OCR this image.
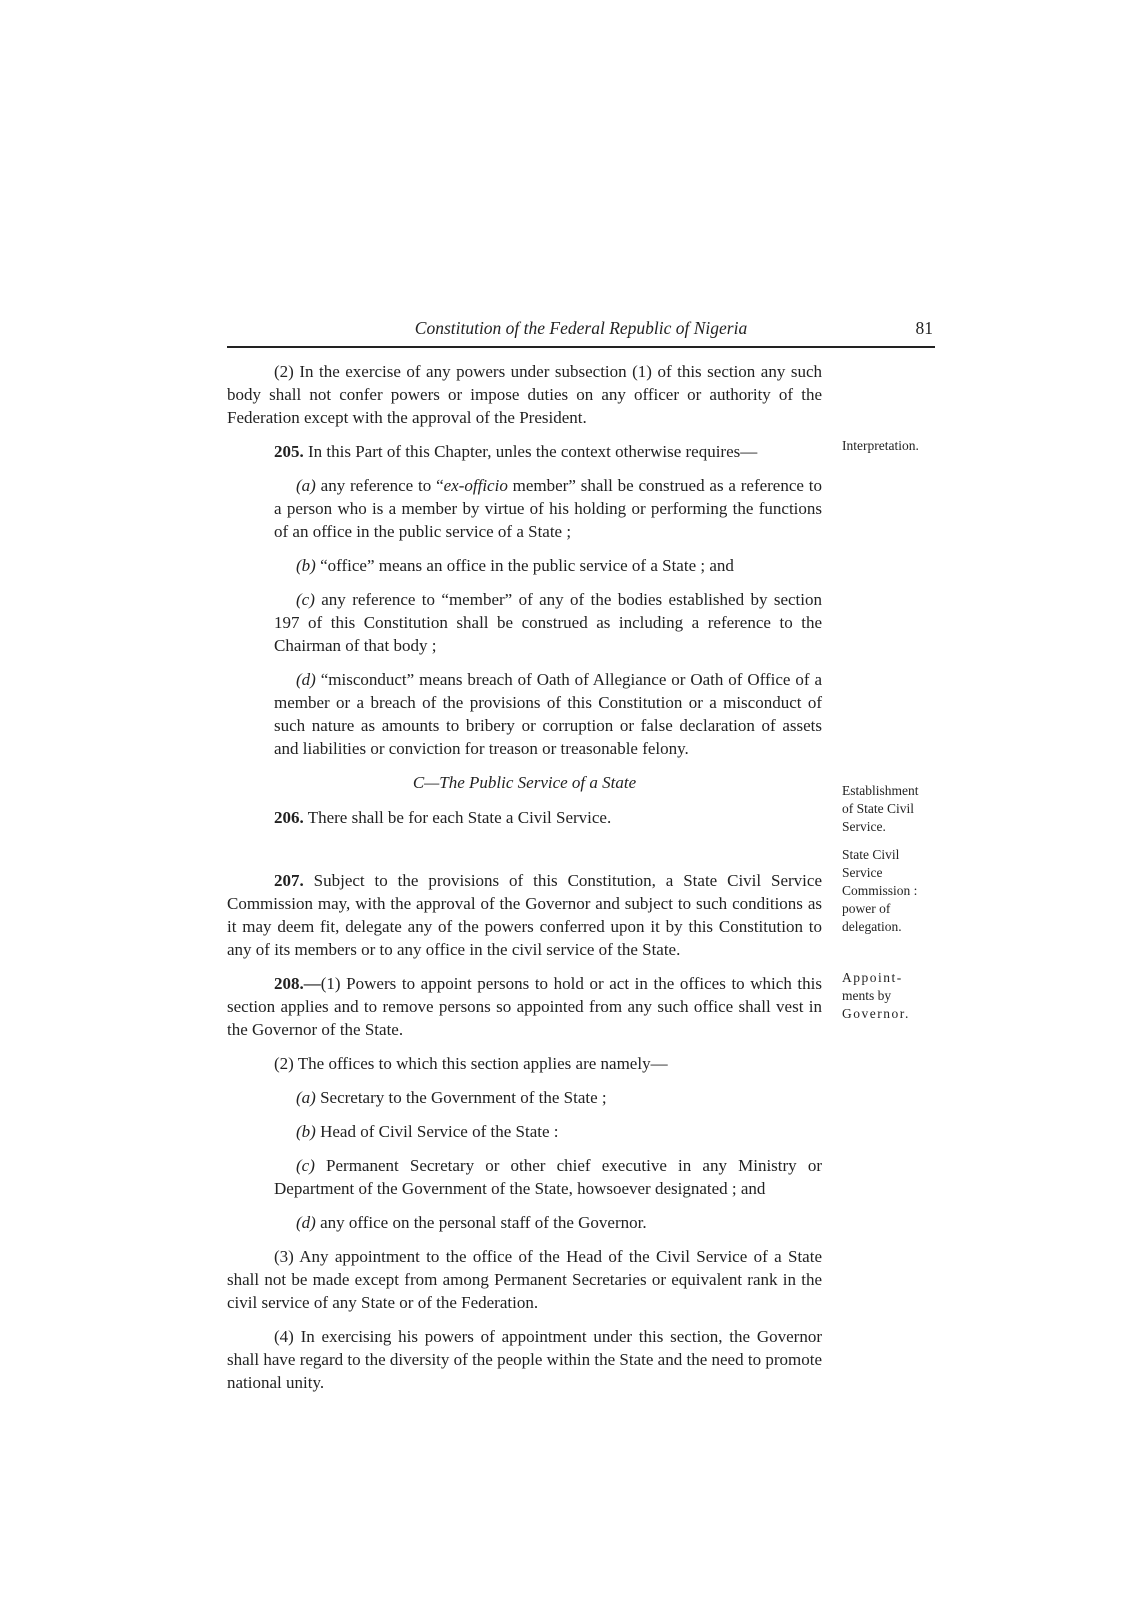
Constitution of the Federal Republic of Nigeria	81

(2) In the exercise of any powers under subsection (1) of this section any such body shall not confer powers or impose duties on any officer or authority of the Federation except with the approval of the President.

205. In this Part of this Chapter, unles the context otherwise requires—

(a) any reference to “ex-officio member” shall be construed as a reference to a person who is a member by virtue of his holding or performing the functions of an office in the public service of a State ;

(b) “office” means an office in the public service of a State ; and

(c) any reference to “member” of any of the bodies established by section 197 of this Constitution shall be construed as including a reference to the Chairman of that body ;

(d) “misconduct” means breach of Oath of Allegiance or Oath of Office of a member or a breach of the provisions of this Constitution or a misconduct of such nature as amounts to bribery or corruption or false declaration of assets and liabilities or conviction for treason or treasonable felony.

C—The Public Service of a State

206. There shall be for each State a Civil Service.

207. Subject to the provisions of this Constitution, a State Civil Service Commission may, with the approval of the Governor and subject to such conditions as it may deem fit, delegate any of the powers conferred upon it by this Constitution to any of its members or to any office in the civil service of the State.

208.—(1) Powers to appoint persons to hold or act in the offices to which this section applies and to remove persons so appointed from any such office shall vest in the Governor of the State.

(2) The offices to which this section applies are namely—

(a) Secretary to the Government of the State ;

(b) Head of Civil Service of the State :

(c) Permanent Secretary or other chief executive in any Ministry or Department of the Government of the State, howsoever designated ; and

(d) any office on the personal staff of the Governor.

(3) Any appointment to the office of the Head of the Civil Service of a State shall not be made except from among Permanent Secretaries or equivalent rank in the civil service of any State or of the Federation.

(4) In exercising his powers of appointment under this section, the Governor shall have regard to the diversity of the people within the State and the need to promote national unity.

Interpretation.
Establishment
of State Civil
Service.
State Civil
Service
Commission :
power of
delegation.
Appoint-
ments by
Governor.
